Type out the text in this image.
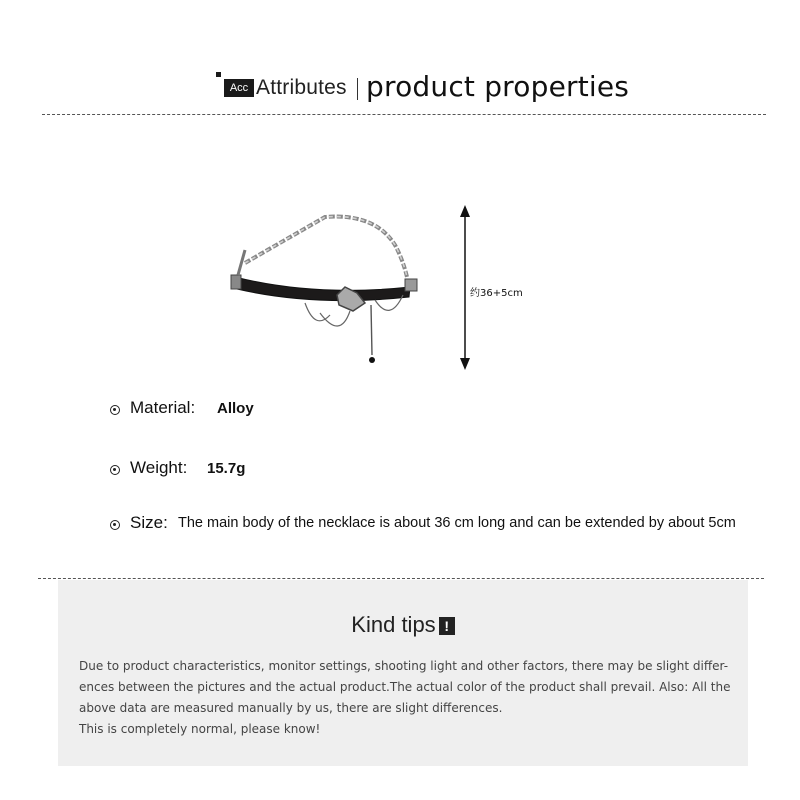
Acc Attributes product properties
约36+5cm
Material: Alloy
Weight: 15.7g
Size: The main body of the necklace is about 36 cm long and can be extended by about 5cm
Kind tips !
Due to product characteristics, monitor settings, shooting light and other factors, there may be slight differ-
ences between the pictures and the actual product.The actual color of the product shall prevail. Also: All the
above data are measured manually by us, there are slight differences.
This is completely normal, please know!
